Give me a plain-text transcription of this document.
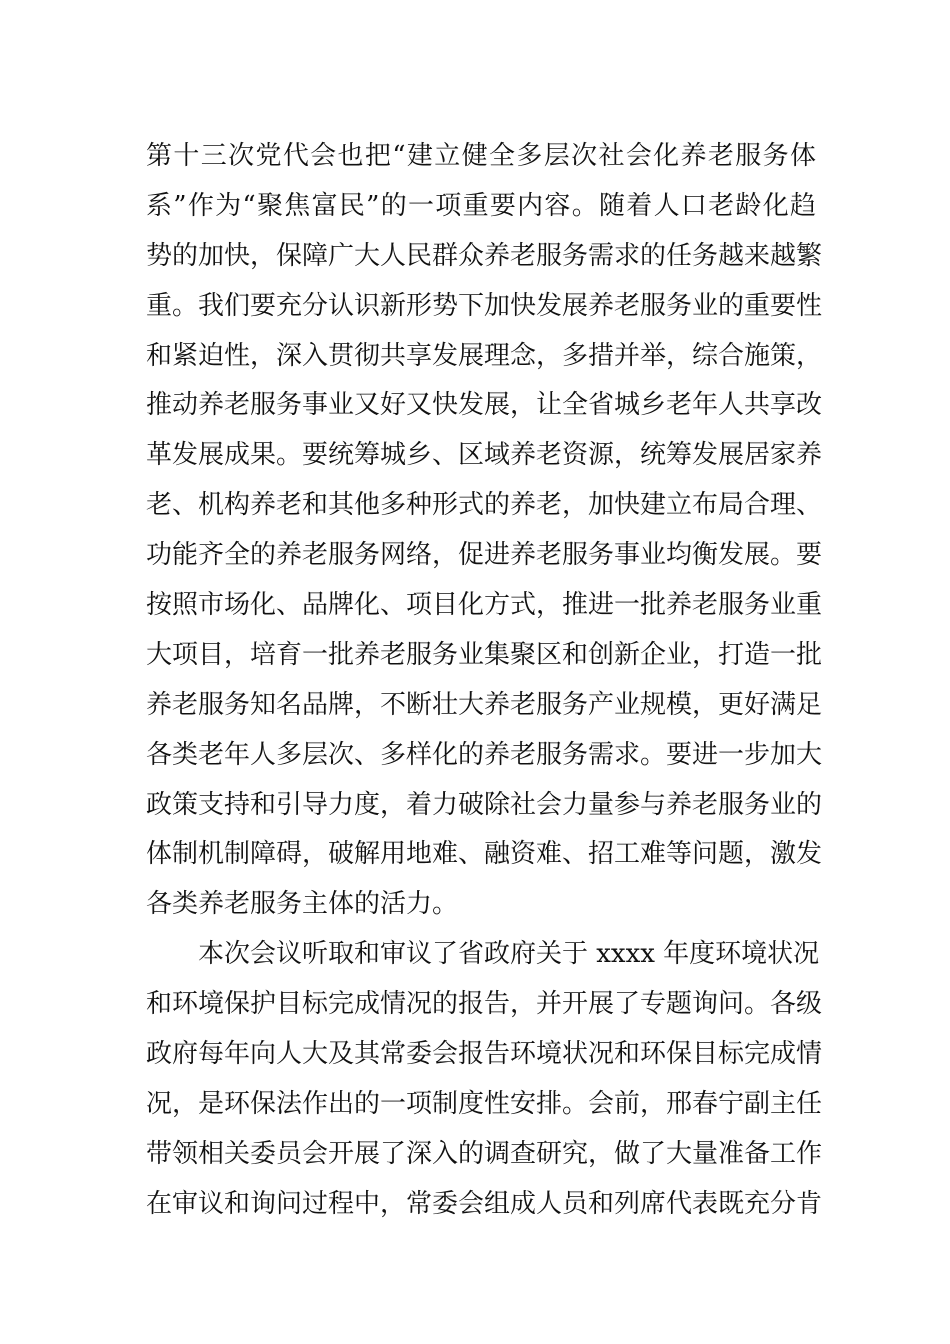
第十三次党代会也把“建立健全多层次社会化养老服务体
系”作为“聚焦富民”的一项重要内容。随着人口老龄化趋
势的加快，保障广大人民群众养老服务需求的任务越来越繁
重。我们要充分认识新形势下加快发展养老服务业的重要性
和紧迫性，深入贯彻共享发展理念，多措并举，综合施策，
推动养老服务事业又好又快发展，让全省城乡老年人共享改
革发展成果。要统筹城乡、区域养老资源，统筹发展居家养
老、机构养老和其他多种形式的养老，加快建立布局合理、
功能齐全的养老服务网络，促进养老服务事业均衡发展。要
按照市场化、品牌化、项目化方式，推进一批养老服务业重
大项目，培育一批养老服务业集聚区和创新企业，打造一批
养老服务知名品牌，不断壮大养老服务产业规模，更好满足
各类老年人多层次、多样化的养老服务需求。要进一步加大
政策支持和引导力度，着力破除社会力量参与养老服务业的
体制机制障碍，破解用地难、融资难、招工难等问题，激发
各类养老服务主体的活力。
本次会议听取和审议了省政府关于 xxxx 年度环境状况
和环境保护目标完成情况的报告，并开展了专题询问。各级
政府每年向人大及其常委会报告环境状况和环保目标完成情
况，是环保法作出的一项制度性安排。会前，邢春宁副主任
带领相关委员会开展了深入的调查研究，做了大量准备工作
在审议和询问过程中，常委会组成人员和列席代表既充分肯
